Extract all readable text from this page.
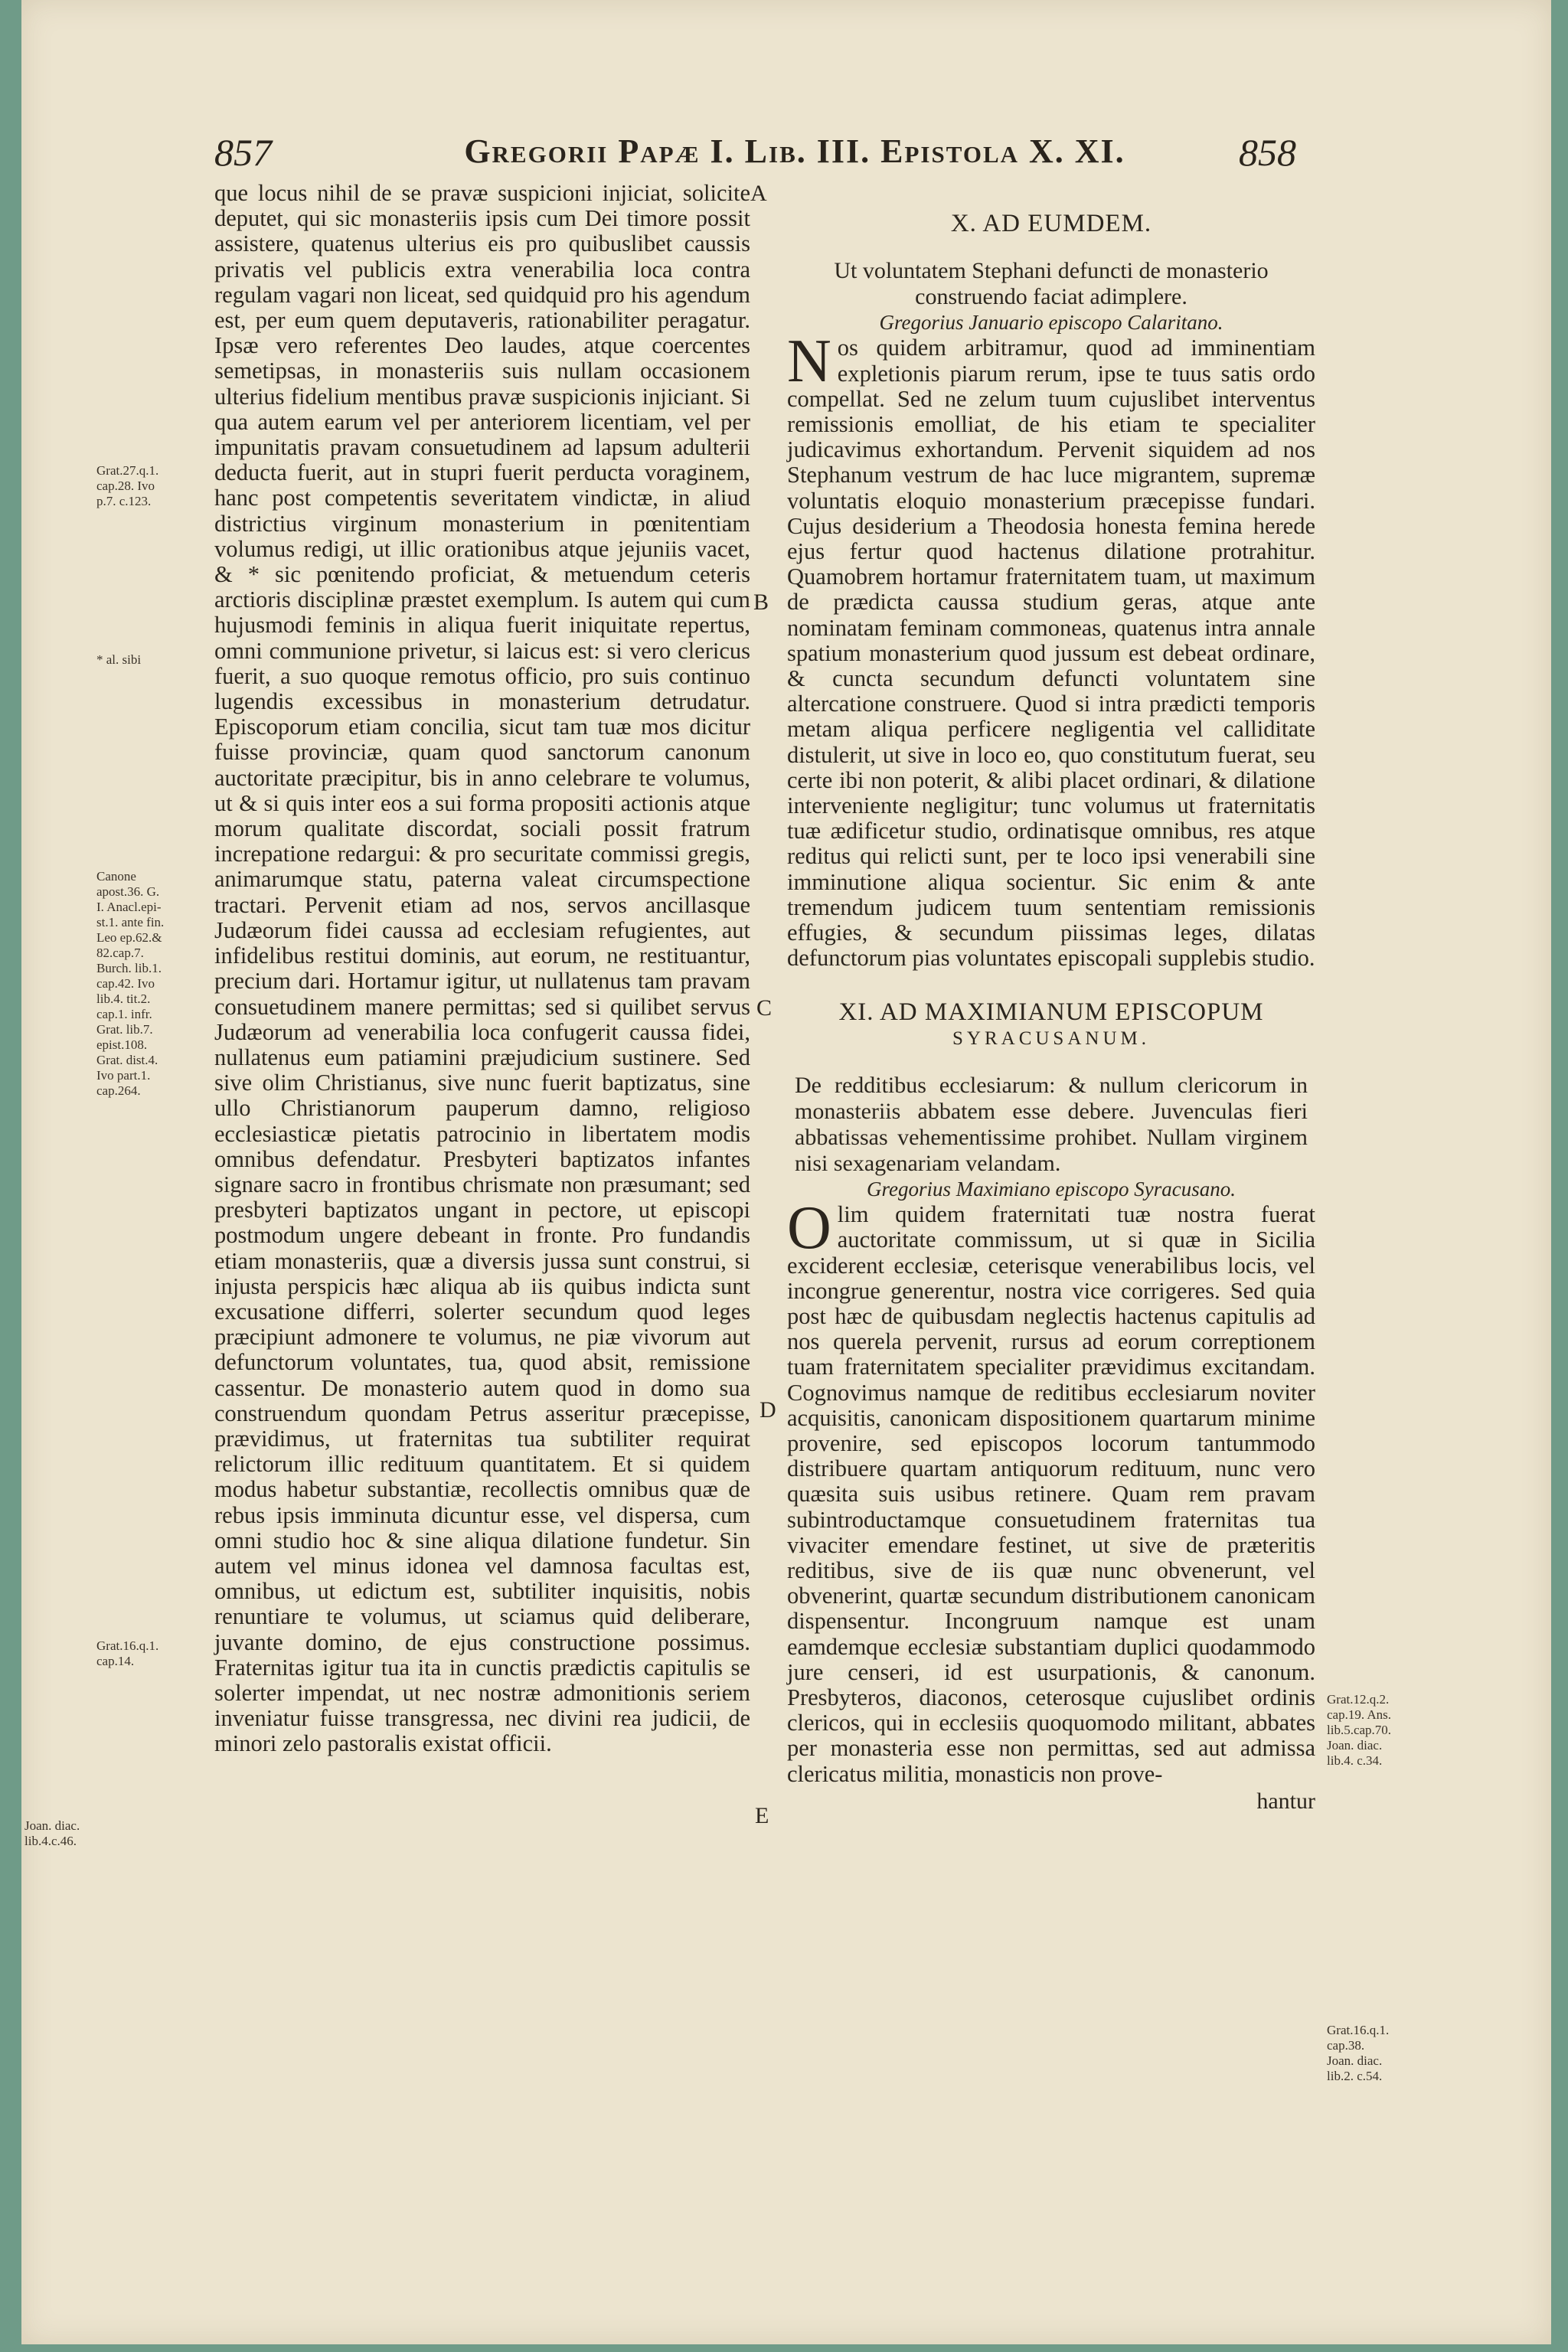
857	Gregorii Papæ I. Lib. III. Epistola X. XI.	858

que locus nihil de se pravæ suspicioni injiciat, solicite deputet, qui sic monasteriis ipsis cum Dei timore possit assistere, quatenus ulterius eis pro quibuslibet caussis privatis vel publicis extra venerabilia loca contra regulam vagari non liceat, sed quidquid pro his agendum est, per eum quem deputaveris, rationabiliter peragatur. Ipsæ vero referentes Deo laudes, atque coercentes semetipsas, in monasteriis suis nullam occasionem ulterius fidelium mentibus pravæ suspicionis injiciant. Si qua autem earum vel per anteriorem licentiam, vel per impunitatis pravam consuetudinem ad lapsum adulterii deducta fuerit, aut in stupri fuerit perducta voraginem, hanc post competentis severitatem vindictæ, in aliud districtius virginum monasterium in pœnitentiam volumus redigi, ut illic orationibus atque jejuniis vacet, & * sic pœnitendo proficiat, & metuendum ceteris arctioris disciplinæ præstet exemplum. Is autem qui cum hujusmodi feminis in aliqua fuerit iniquitate repertus, omni communione privetur, si laicus est: si vero clericus fuerit, a suo quoque remotus officio, pro suis continuo lugendis excessibus in monasterium detrudatur. Episcoporum etiam concilia, sicut tam tuæ mos dicitur fuisse provinciæ, quam quod sanctorum canonum auctoritate præcipitur, bis in anno celebrare te volumus, ut & si quis inter eos a sui forma propositi actionis atque morum qualitate discordat, sociali possit fratrum increpatione redargui: & pro securitate commissi gregis, animarumque statu, paterna valeat circumspectione tractari. Pervenit etiam ad nos, servos ancillasque Judæorum fidei caussa ad ecclesiam refugientes, aut infidelibus restitui dominis, aut eorum, ne restituantur, precium dari. Hortamur igitur, ut nullatenus tam pravam consuetudinem manere permittas; sed si quilibet servus Judæorum ad venerabilia loca confugerit caussa fidei, nullatenus eum patiamini præjudicium sustinere. Sed sive olim Christianus, sive nunc fuerit baptizatus, sine ullo Christianorum pauperum damno, religioso ecclesiasticæ pietatis patrocinio in libertatem modis omnibus defendatur. Presbyteri baptizatos infantes signare sacro in frontibus chrismate non præsumant; sed presbyteri baptizatos ungant in pectore, ut episcopi postmodum ungere debeant in fronte. Pro fundandis etiam monasteriis, quæ a diversis jussa sunt construi, si injusta perspicis hæc aliqua ab iis quibus indicta sunt excusatione differri, solerter secundum quod leges præcipiunt admonere te volumus, ne piæ vivorum aut defunctorum voluntates, tua, quod absit, remissione cassentur. De monasterio autem quod in domo sua construendum quondam Petrus asseritur præcepisse, prævidimus, ut fraternitas tua subtiliter requirat relictorum illic redituum quantitatem. Et si quidem modus habetur substantiæ, recollectis omnibus quæ de rebus ipsis imminuta dicuntur esse, vel dispersa, cum omni studio hoc & sine aliqua dilatione fundetur. Sin autem vel minus idonea vel damnosa facultas est, omnibus, ut edictum est, subtiliter inquisitis, nobis renuntiare te volumus, ut sciamus quid deliberare, juvante domino, de ejus constructione possimus. Fraternitas igitur tua ita in cunctis prædictis capitulis se solerter impendat, ut nec nostræ admonitionis seriem inveniatur fuisse transgressa, nec divini rea judicii, de minori zelo pastoralis existat officii.

X. AD EUMDEM.

Ut voluntatem Stephani defuncti de monasterio construendo faciat adimplere.

Gregorius Januario episcopo Calaritano.

Nos quidem arbitramur, quod ad imminentiam expletionis piarum rerum, ipse te tuus satis ordo compellat. Sed ne zelum tuum cujuslibet interventus remissionis emolliat, de his etiam te specialiter judicavimus exhortandum. Pervenit siquidem ad nos Stephanum vestrum de hac luce migrantem, supremæ voluntatis eloquio monasterium præcepisse fundari. Cujus desiderium a Theodosia honesta femina herede ejus fertur quod hactenus dilatione protrahitur. Quamobrem hortamur fraternitatem tuam, ut maximum de prædicta caussa studium geras, atque ante nominatam feminam commoneas, quatenus intra annale spatium monasterium quod jussum est debeat ordinare, & cuncta secundum defuncti voluntatem sine altercatione construere. Quod si intra prædicti temporis metam aliqua perficere negligentia vel calliditate distulerit, ut sive in loco eo, quo constitutum fuerat, seu certe ibi non poterit, & alibi placet ordinari, & dilatione interveniente negligitur; tunc volumus ut fraternitatis tuæ ædificetur studio, ordinatisque omnibus, res atque reditus qui relicti sunt, per te loco ipsi venerabili sine imminutione aliqua socientur. Sic enim & ante tremendum judicem tuum sententiam remissionis effugies, & secundum piissimas leges, dilatas defunctorum pias voluntates episcopali supplebis studio.

XI. AD MAXIMIANUM EPISCOPUM
SYRACUSANUM.

De redditibus ecclesiarum: & nullum clericorum in monasteriis abbatem esse debere. Juvenculas fieri abbatissas vehementissime prohibet. Nullam virginem nisi sexagenariam velandam.

Gregorius Maximiano episcopo Syracusano.

Olim quidem fraternitati tuæ nostra fuerat auctoritate commissum, ut si quæ in Sicilia exciderent ecclesiæ, ceterisque venerabilibus locis, vel incongrue generentur, nostra vice corrigeres. Sed quia post hæc de quibusdam neglectis hactenus capitulis ad nos querela pervenit, rursus ad eorum correptionem tuam fraternitatem specialiter prævidimus excitandam. Cognovimus namque de reditibus ecclesiarum noviter acquisitis, canonicam dispositionem quartarum minime provenire, sed episcopos locorum tantummodo distribuere quartam antiquorum redituum, nunc vero quæsita suis usibus retinere. Quam rem pravam subintroductamque consuetudinem fraternitas tua vivaciter emendare festinet, ut sive de præteritis reditibus, sive de iis quæ nunc obvenerunt, vel obvenerint, quartæ secundum distributionem canonicam dispensentur. Incongruum namque est unam eamdemque ecclesiæ substantiam duplici quodammodo jure censeri, id est usurpationis, & canonum. Presbyteros, diaconos, ceterosque cujuslibet ordinis clericos, qui in ecclesiis quoquomodo militant, abbates per monasteria esse non permittas, sed aut admissa clericatus militia, monasticis non prove-

hantur
A
B
C
D
E
Grat.27.q.1.
cap.28. Ivo
p.7. c.123.
* al. sibi
Canone
apost.36. G.
I. Anacl.epi-
st.1. ante fin.
Leo ep.62.&
82.cap.7.
Burch. lib.1.
cap.42. Ivo
lib.4. tit.2.
cap.1. infr.
Grat. lib.7.
epist.108.
Grat. dist.4.
Ivo part.1.
cap.264.
Grat.16.q.1.
cap.14.
Joan. diac.
lib.4.c.46.
Grat.12.q.2.
cap.19. Ans.
lib.5.cap.70.
Joan. diac.
lib.4. c.34.
Grat.16.q.1.
cap.38.
Joan. diac.
lib.2. c.54.
